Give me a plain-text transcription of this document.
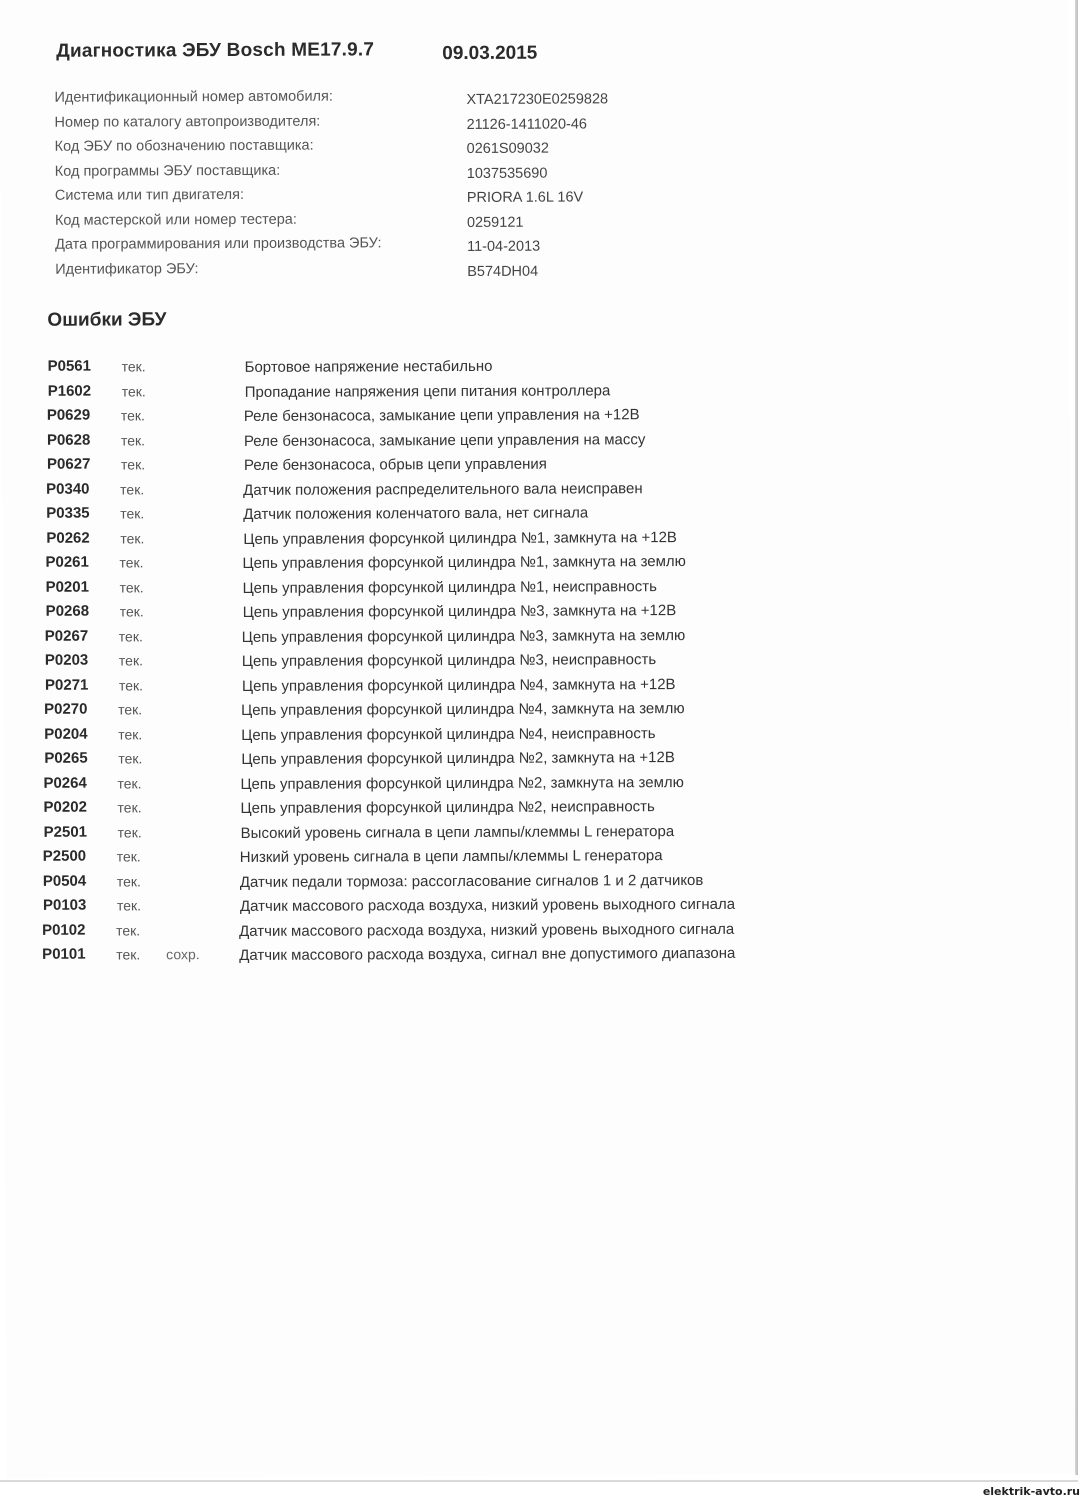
Диагностика ЭБУ Bosch ME17.9.7	09.03.2015
Идентификационный номер автомобиля:	XTA217230E0259828
Номер по каталогу автопроизводителя:	21126-1411020-46
Код ЭБУ по обозначению поставщика:	0261S09032
Код программы ЭБУ поставщика:	1037535690
Система или тип двигателя:	PRIORA 1.6L 16V
Код мастерской или номер тестера:	0259121
Дата программирования или производства ЭБУ:	11-04-2013
Идентификатор ЭБУ:	B574DH04
Ошибки ЭБУ
P0561 тек.	Бортовое напряжение нестабильно
P1602 тек.	Пропадание напряжения цепи питания контроллера
P0629 тек.	Реле бензонасоса, замыкание цепи управления на +12В
P0628 тек.	Реле бензонасоса, замыкание цепи управления на массу
P0627 тек.	Реле бензонасоса, обрыв цепи управления
P0340 тек.	Датчик положения распределительного вала неисправен
P0335 тек.	Датчик положения коленчатого вала, нет сигнала
P0262 тек.	Цепь управления форсункой цилиндра №1, замкнута на +12В
P0261 тек.	Цепь управления форсункой цилиндра №1, замкнута на землю
P0201 тек.	Цепь управления форсункой цилиндра №1, неисправность
P0268 тек.	Цепь управления форсункой цилиндра №3, замкнута на +12В
P0267 тек.	Цепь управления форсункой цилиндра №3, замкнута на землю
P0203 тек.	Цепь управления форсункой цилиндра №3, неисправность
P0271 тек.	Цепь управления форсункой цилиндра №4, замкнута на +12В
P0270 тек.	Цепь управления форсункой цилиндра №4, замкнута на землю
P0204 тек.	Цепь управления форсункой цилиндра №4, неисправность
P0265 тек.	Цепь управления форсункой цилиндра №2, замкнута на +12В
P0264 тек.	Цепь управления форсункой цилиндра №2, замкнута на землю
P0202 тек.	Цепь управления форсункой цилиндра №2, неисправность
P2501 тек.	Высокий уровень сигнала в цепи лампы/клеммы L генератора
P2500 тек.	Низкий уровень сигнала в цепи лампы/клеммы L генератора
P0504 тек.	Датчик педали тормоза: рассогласование сигналов 1 и 2 датчиков
P0103 тек.	Датчик массового расхода воздуха, низкий уровень выходного сигнала
P0102 тек.	Датчик массового расхода воздуха, низкий уровень выходного сигнала
P0101 тек. сохр.	Датчик массового расхода воздуха, сигнал вне допустимого диапазона
elektrik-avto.ru
